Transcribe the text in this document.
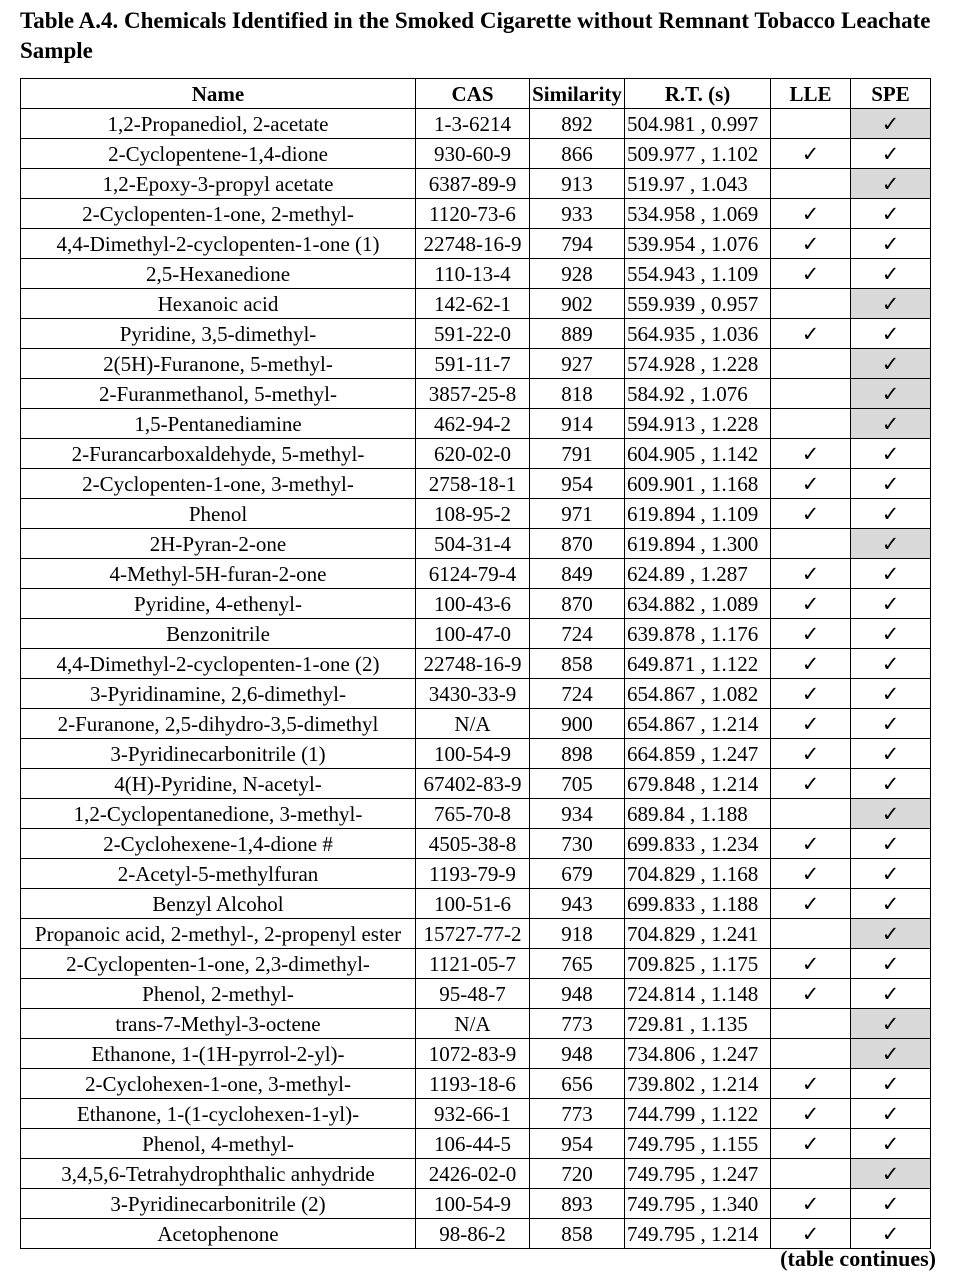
Table A.4. Chemicals Identified in the Smoked Cigarette without Remnant Tobacco Leachate Sample
Name	CAS	Similarity	R.T. (s)	LLE	SPE
1,2-Propanediol, 2-acetate	1-3-6214	892	504.981 , 0.997		✓
2-Cyclopentene-1,4-dione	930-60-9	866	509.977 , 1.102	✓	✓
1,2-Epoxy-3-propyl acetate	6387-89-9	913	519.97 , 1.043		✓
2-Cyclopenten-1-one, 2-methyl-	1120-73-6	933	534.958 , 1.069	✓	✓
4,4-Dimethyl-2-cyclopenten-1-one (1)	22748-16-9	794	539.954 , 1.076	✓	✓
2,5-Hexanedione	110-13-4	928	554.943 , 1.109	✓	✓
Hexanoic acid	142-62-1	902	559.939 , 0.957		✓
Pyridine, 3,5-dimethyl-	591-22-0	889	564.935 , 1.036	✓	✓
2(5H)-Furanone, 5-methyl-	591-11-7	927	574.928 , 1.228		✓
2-Furanmethanol, 5-methyl-	3857-25-8	818	584.92 , 1.076		✓
1,5-Pentanediamine	462-94-2	914	594.913 , 1.228		✓
2-Furancarboxaldehyde, 5-methyl-	620-02-0	791	604.905 , 1.142	✓	✓
2-Cyclopenten-1-one, 3-methyl-	2758-18-1	954	609.901 , 1.168	✓	✓
Phenol	108-95-2	971	619.894 , 1.109	✓	✓
2H-Pyran-2-one	504-31-4	870	619.894 , 1.300		✓
4-Methyl-5H-furan-2-one	6124-79-4	849	624.89 , 1.287	✓	✓
Pyridine, 4-ethenyl-	100-43-6	870	634.882 , 1.089	✓	✓
Benzonitrile	100-47-0	724	639.878 , 1.176	✓	✓
4,4-Dimethyl-2-cyclopenten-1-one (2)	22748-16-9	858	649.871 , 1.122	✓	✓
3-Pyridinamine, 2,6-dimethyl-	3430-33-9	724	654.867 , 1.082	✓	✓
2-Furanone, 2,5-dihydro-3,5-dimethyl	N/A	900	654.867 , 1.214	✓	✓
3-Pyridinecarbonitrile (1)	100-54-9	898	664.859 , 1.247	✓	✓
4(H)-Pyridine, N-acetyl-	67402-83-9	705	679.848 , 1.214	✓	✓
1,2-Cyclopentanedione, 3-methyl-	765-70-8	934	689.84 , 1.188		✓
2-Cyclohexene-1,4-dione #	4505-38-8	730	699.833 , 1.234	✓	✓
2-Acetyl-5-methylfuran	1193-79-9	679	704.829 , 1.168	✓	✓
Benzyl Alcohol	100-51-6	943	699.833 , 1.188	✓	✓
Propanoic acid, 2-methyl-, 2-propenyl ester	15727-77-2	918	704.829 , 1.241		✓
2-Cyclopenten-1-one, 2,3-dimethyl-	1121-05-7	765	709.825 , 1.175	✓	✓
Phenol, 2-methyl-	95-48-7	948	724.814 , 1.148	✓	✓
trans-7-Methyl-3-octene	N/A	773	729.81 , 1.135		✓
Ethanone, 1-(1H-pyrrol-2-yl)-	1072-83-9	948	734.806 , 1.247		✓
2-Cyclohexen-1-one, 3-methyl-	1193-18-6	656	739.802 , 1.214	✓	✓
Ethanone, 1-(1-cyclohexen-1-yl)-	932-66-1	773	744.799 , 1.122	✓	✓
Phenol, 4-methyl-	106-44-5	954	749.795 , 1.155	✓	✓
3,4,5,6-Tetrahydrophthalic anhydride	2426-02-0	720	749.795 , 1.247		✓
3-Pyridinecarbonitrile (2)	100-54-9	893	749.795 , 1.340	✓	✓
Acetophenone	98-86-2	858	749.795 , 1.214	✓	✓
(table continues)
